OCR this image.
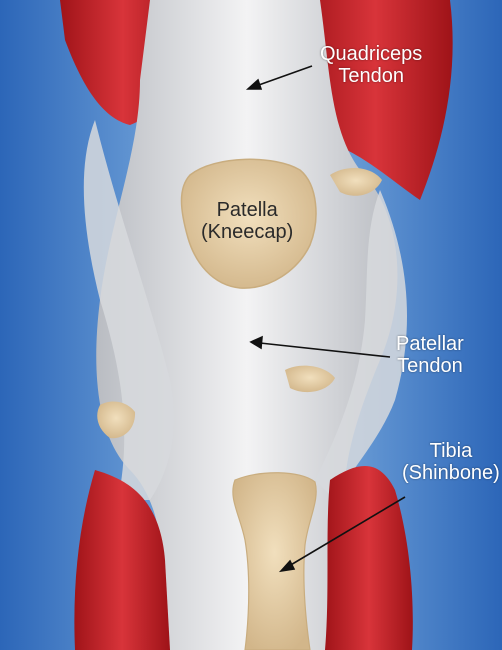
Quadriceps
Tendon
Patella
(Kneecap)
Patellar
Tendon
Tibia
(Shinbone)
